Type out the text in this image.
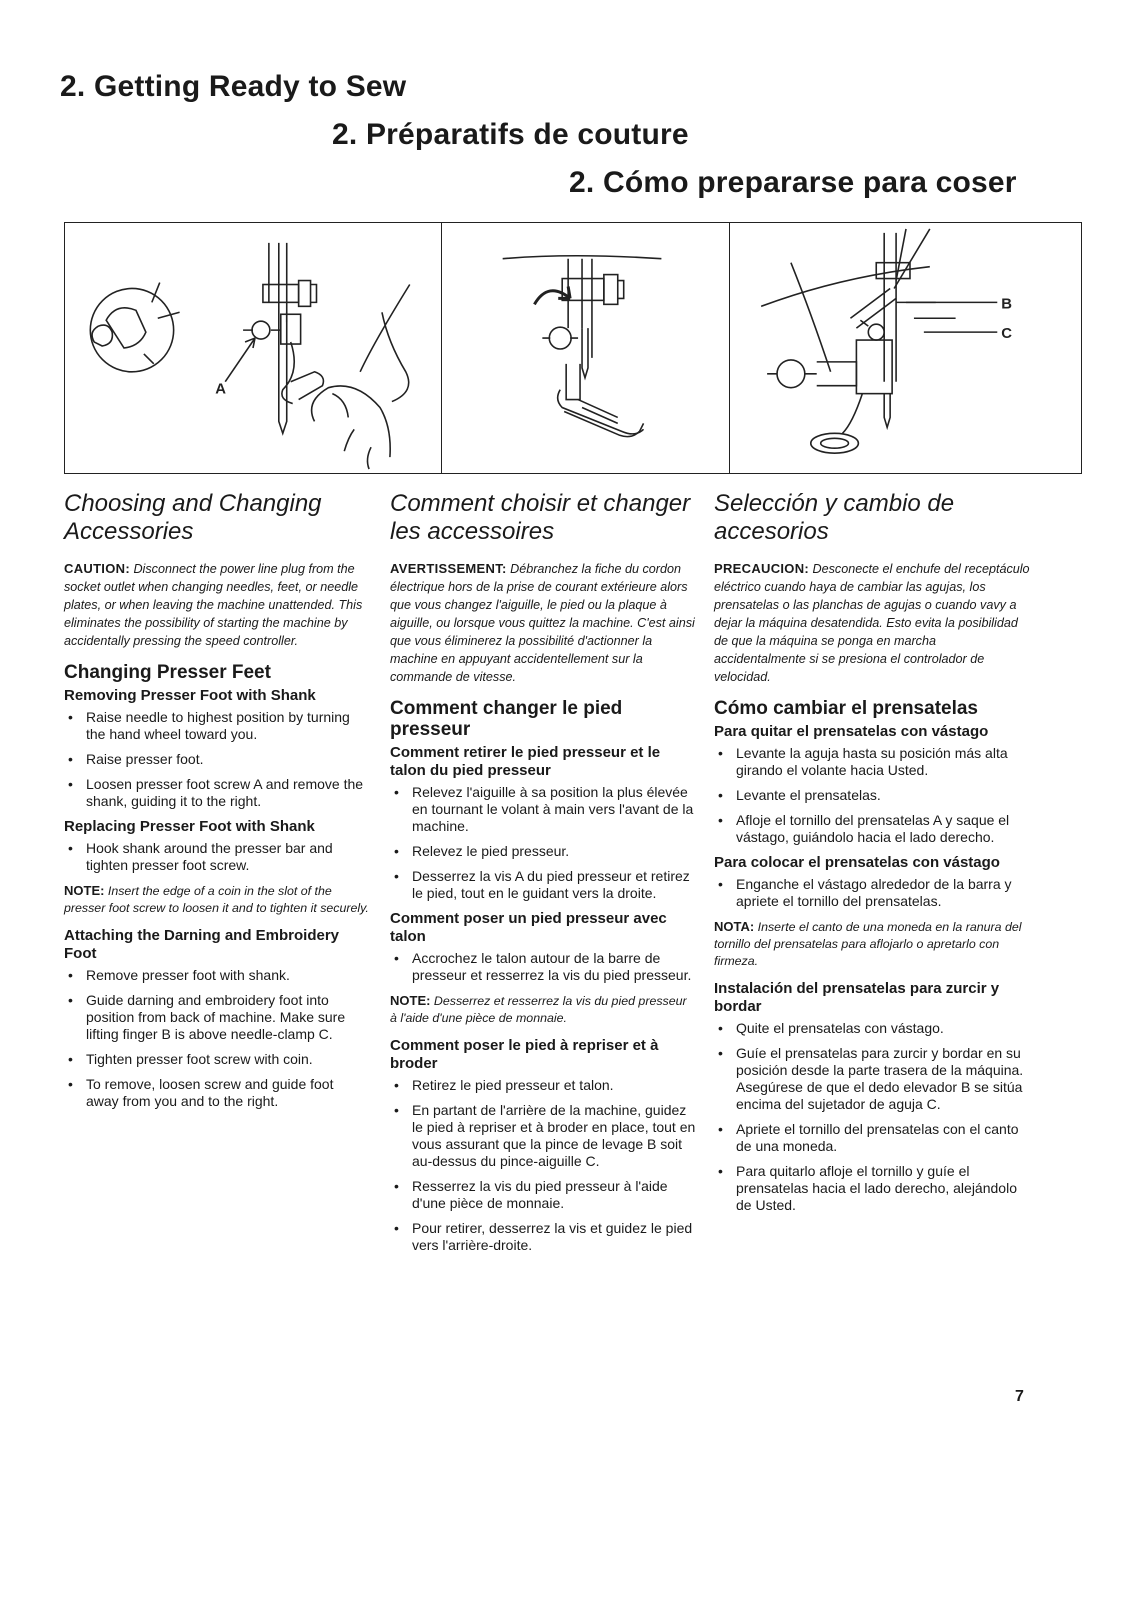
2. Getting Ready to Sew
2. Préparatifs de couture
2. Cómo prepararse para coser
A
B
C
Choosing and Changing Accessories

CAUTION: Disconnect the power line plug from the socket outlet when changing needles, feet, or needle plates, or when leaving the machine unattended. This eliminates the possibility of starting the machine by accidentally pressing the speed controller.

Changing Presser Feet
Removing Presser Foot with Shank
• Raise needle to highest position by turning the hand wheel toward you.
• Raise presser foot.
• Loosen presser foot screw A and remove the shank, guiding it to the right.
Replacing Presser Foot with Shank
• Hook shank around the presser bar and tighten presser foot screw.

NOTE: Insert the edge of a coin in the slot of the presser foot screw to loosen it and to tighten it securely.

Attaching the Darning and Embroidery Foot
• Remove presser foot with shank.
• Guide darning and embroidery foot into position from back of machine. Make sure lifting finger B is above needle-clamp C.
• Tighten presser foot screw with coin.
• To remove, loosen screw and guide foot away from you and to the right.
Comment choisir et changer les accessoires

AVERTISSEMENT: Débranchez la fiche du cordon électrique hors de la prise de courant extérieure alors que vous changez l'aiguille, le pied ou la plaque à aiguille, ou lorsque vous quittez la machine. C'est ainsi que vous éliminerez la possibilité d'actionner la machine en appuyant accidentellement sur la commande de vitesse.

Comment changer le pied presseur
Comment retirer le pied presseur et le talon du pied presseur
• Relevez l'aiguille à sa position la plus élevée en tournant le volant à main vers l'avant de la machine.
• Relevez le pied presseur.
• Desserrez la vis A du pied presseur et retirez le pied, tout en le guidant vers la droite.
Comment poser un pied presseur avec talon
• Accrochez le talon autour de la barre de presseur et resserrez la vis du pied presseur.

NOTE: Desserrez et resserrez la vis du pied presseur à l'aide d'une pièce de monnaie.

Comment poser le pied à repriser et à broder
• Retirez le pied presseur et talon.
• En partant de l'arrière de la machine, guidez le pied à repriser et à broder en place, tout en vous assurant que la pince de levage B soit au-dessus du pince-aiguille C.
• Resserrez la vis du pied presseur à l'aide d'une pièce de monnaie.
• Pour retirer, desserrez la vis et guidez le pied vers l'arrière-droite.
Selección y cambio de accesorios

PRECAUCION: Desconecte el enchufe del receptáculo eléctrico cuando haya de cambiar las agujas, los prensatelas o las planchas de agujas o cuando vavy a dejar la máquina desatendida. Esto evita la posibilidad de que la máquina se ponga en marcha accidentalmente si se presiona el controlador de velocidad.

Cómo cambiar el prensatelas
Para quitar el prensatelas con vástago
• Levante la aguja hasta su posición más alta girando el volante hacia Usted.
• Levante el prensatelas.
• Afloje el tornillo del prensatelas A y saque el vástago, guiándolo hacia el lado derecho.
Para colocar el prensatelas con vástago
• Enganche el vástago alrededor de la barra y apriete el tornillo del prensatelas.

NOTA: Inserte el canto de una moneda en la ranura del tornillo del prensatelas para aflojarlo o apretarlo con firmeza.

Instalación del prensatelas para zurcir y bordar
• Quite el prensatelas con vástago.
• Guíe el prensatelas para zurcir y bordar en su posición desde la parte trasera de la máquina. Asegúrese de que el dedo elevador B se sitúa encima del sujetador de aguja C.
• Apriete el tornillo del prensatelas con el canto de una moneda.
• Para quitarlo afloje el tornillo y guíe el prensatelas hacia el lado derecho, alejándolo de Usted.
7
